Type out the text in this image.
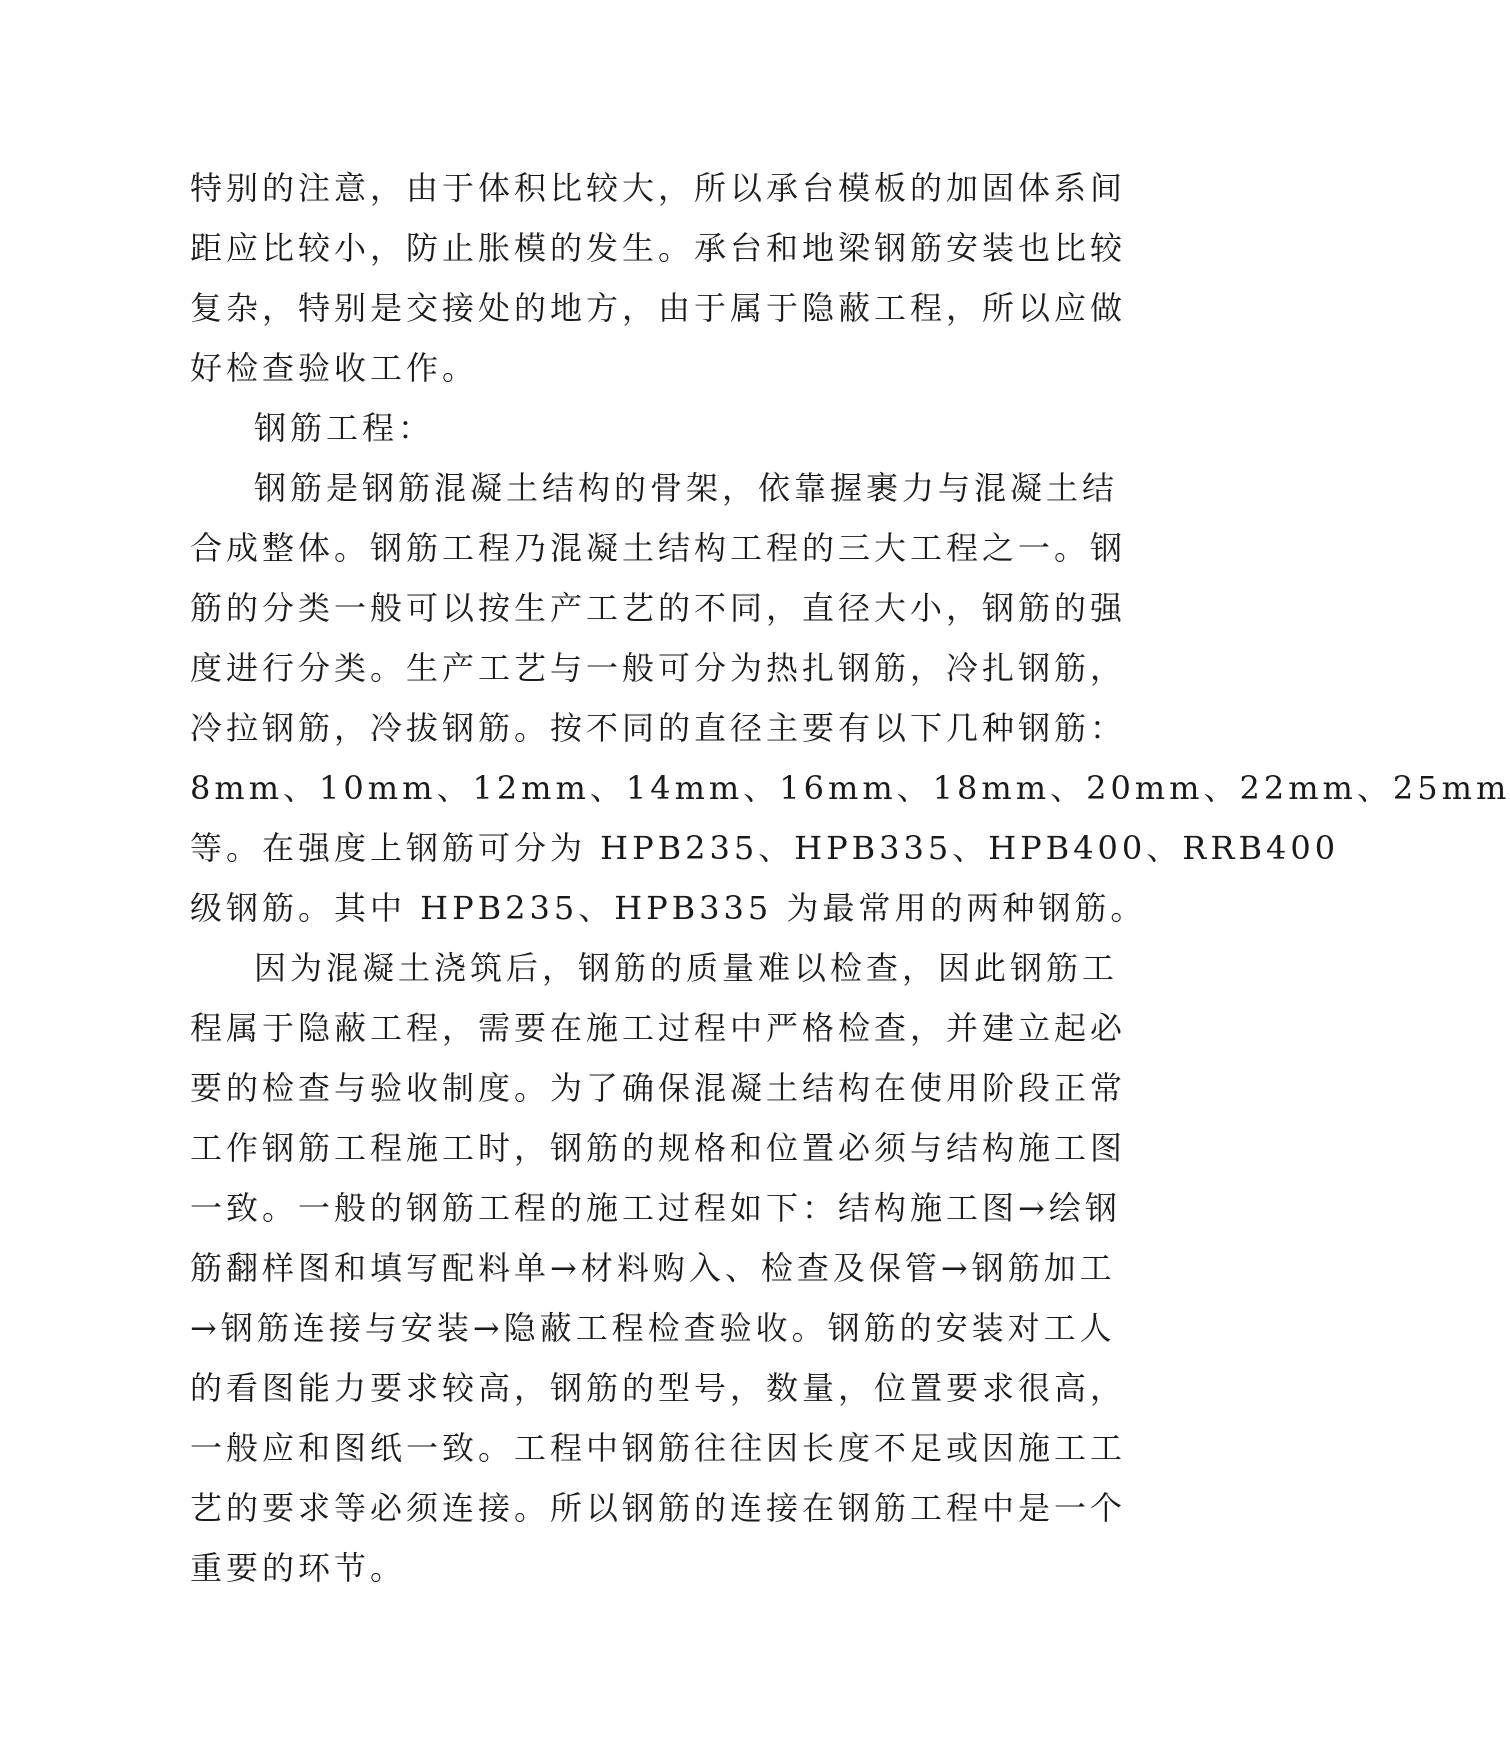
特别的注意，由于体积比较大，所以承台模板的加固体系间
距应比较小，防止胀模的发生。承台和地梁钢筋安装也比较
复杂，特别是交接处的地方，由于属于隐蔽工程，所以应做
好检查验收工作。
钢筋工程：
钢筋是钢筋混凝土结构的骨架，依靠握裹力与混凝土结
合成整体。钢筋工程乃混凝土结构工程的三大工程之一。钢
筋的分类一般可以按生产工艺的不同，直径大小，钢筋的强
度进行分类。生产工艺与一般可分为热扎钢筋，冷扎钢筋，
冷拉钢筋，冷拔钢筋。按不同的直径主要有以下几种钢筋：
8mm、10mm、12mm、14mm、16mm、18mm、20mm、22mm、25mm
等。在强度上钢筋可分为 HPB235、HPB335、HPB400、RRB400
级钢筋。其中 HPB235、HPB335 为最常用的两种钢筋。
因为混凝土浇筑后，钢筋的质量难以检查，因此钢筋工
程属于隐蔽工程，需要在施工过程中严格检查，并建立起必
要的检查与验收制度。为了确保混凝土结构在使用阶段正常
工作钢筋工程施工时，钢筋的规格和位置必须与结构施工图
一致。一般的钢筋工程的施工过程如下：结构施工图→绘钢
筋翻样图和填写配料单→材料购入、检查及保管→钢筋加工
→钢筋连接与安装→隐蔽工程检查验收。钢筋的安装对工人
的看图能力要求较高，钢筋的型号，数量，位置要求很高，
一般应和图纸一致。工程中钢筋往往因长度不足或因施工工
艺的要求等必须连接。所以钢筋的连接在钢筋工程中是一个
重要的环节。
